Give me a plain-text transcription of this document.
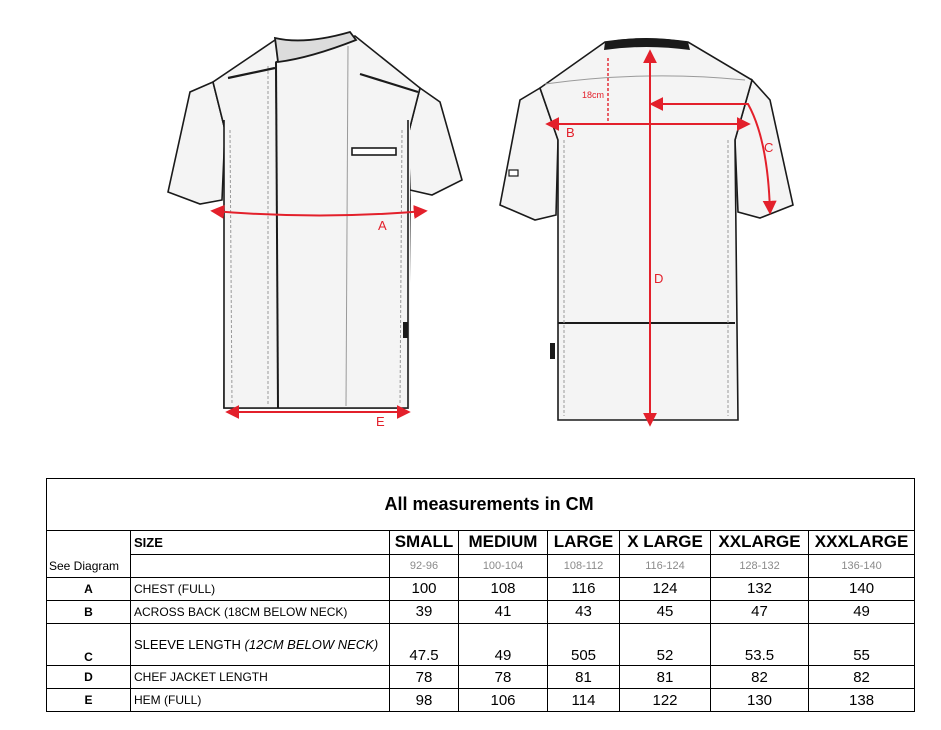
A
E
18cm
B
D
C
All measurements in CM							
	SIZE	SMALL	MEDIUM	LARGE	X LARGE	XXLARGE	XXXLARGE
See Diagram		92-96	100-104	108-112	116-124	128-132	136-140
A	CHEST (FULL)	100	108	116	124	132	140
B	ACROSS BACK (18CM BELOW NECK)	39	41	43	45	47	49
C	SLEEVE LENGTH (12CM BELOW NECK)	47.5	49	505	52	53.5	55
D	CHEF JACKET LENGTH	78	78	81	81	82	82
E	HEM (FULL)	98	106	114	122	130	138
